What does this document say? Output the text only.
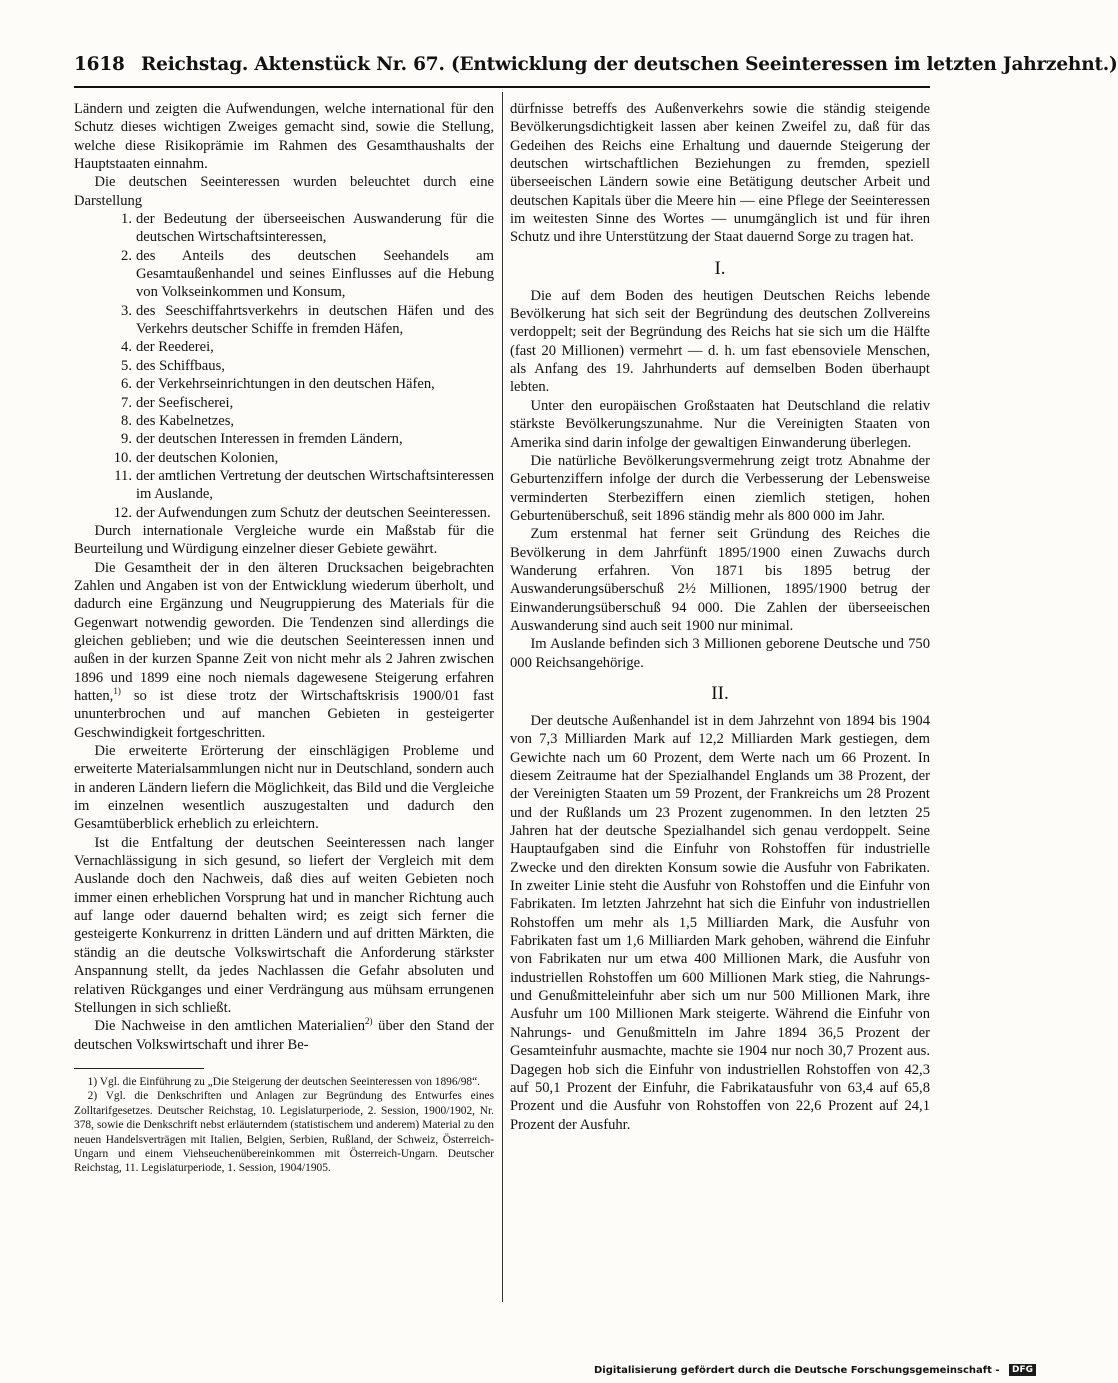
1618 Reichstag. Aktenstück Nr. 67. (Entwicklung der deutschen Seeinteressen im letzten Jahrzehnt.)

Ländern und zeigten die Aufwendungen, welche international für den Schutz dieses wichtigen Zweiges gemacht sind, sowie die Stellung, welche diese Risikoprämie im Rahmen des Gesamthaushalts der Hauptstaaten einnahm.

Die deutschen Seeinteressen wurden beleuchtet durch eine Darstellung

1. der Bedeutung der überseeischen Auswanderung für die deutschen Wirtschaftsinteressen,
2. des Anteils des deutschen Seehandels am Gesamtaußenhandel und seines Einflusses auf die Hebung von Volkseinkommen und Konsum,
3. des Seeschiffahrtsverkehrs in deutschen Häfen und des Verkehrs deutscher Schiffe in fremden Häfen,
4. der Reederei,
5. des Schiffbaus,
6. der Verkehrseinrichtungen in den deutschen Häfen,
7. der Seefischerei,
8. des Kabelnetzes,
9. der deutschen Interessen in fremden Ländern,
10. der deutschen Kolonien,
11. der amtlichen Vertretung der deutschen Wirtschaftsinteressen im Auslande,
12. der Aufwendungen zum Schutz der deutschen Seeinteressen.

Durch internationale Vergleiche wurde ein Maßstab für die Beurteilung und Würdigung einzelner dieser Gebiete gewährt.

Die Gesamtheit der in den älteren Drucksachen beigebrachten Zahlen und Angaben ist von der Entwicklung wiederum überholt, und dadurch eine Ergänzung und Neugruppierung des Materials für die Gegenwart notwendig geworden. Die Tendenzen sind allerdings die gleichen geblieben; und wie die deutschen Seeinteressen innen und außen in der kurzen Spanne Zeit von nicht mehr als 2 Jahren zwischen 1896 und 1899 eine noch niemals dagewesene Steigerung erfahren hatten,$^{1)}$ so ist diese trotz der Wirtschaftskrisis 1900/01 fast ununterbrochen und auf manchen Gebieten in gesteigerter Geschwindigkeit fortgeschritten.

Die erweiterte Erörterung der einschlägigen Probleme und erweiterte Materialsammlungen nicht nur in Deutschland, sondern auch in anderen Ländern liefern die Möglichkeit, das Bild und die Vergleiche im einzelnen wesentlich auszugestalten und dadurch den Gesamtüberblick erheblich zu erleichtern.

Ist die Entfaltung der deutschen Seeinteressen nach langer Vernachlässigung in sich gesund, so liefert der Vergleich mit dem Auslande doch den Nachweis, daß dies auf weiten Gebieten noch immer einen erheblichen Vorsprung hat und in mancher Richtung auch auf lange oder dauernd behalten wird; es zeigt sich ferner die gesteigerte Konkurrenz in dritten Ländern und auf dritten Märkten, die ständig an die deutsche Volkswirtschaft die Anforderung stärkster Anspannung stellt, da jedes Nachlassen die Gefahr absoluten und relativen Rückganges und einer Verdrängung aus mühsam errungenen Stellungen in sich schließt.

Die Nachweise in den amtlichen Materialien$^{2)}$ über den Stand der deutschen Volkswirtschaft und ihrer Be-

1) Vgl. die Einführung zu „Die Steigerung der deutschen Seeinteressen von 1896/98“.

2) Vgl. die Denkschriften und Anlagen zur Begründung des Entwurfes eines Zolltarifgesetzes. Deutscher Reichstag, 10. Legislaturperiode, 2. Session, 1900/1902, Nr. 378, sowie die Denkschrift nebst erläuterndem (statistischem und anderem) Material zu den neuen Handelsverträgen mit Italien, Belgien, Serbien, Rußland, der Schweiz, Österreich-Ungarn und einem Viehseuchenübereinkommen mit Österreich-Ungarn. Deutscher Reichstag, 11. Legislaturperiode, 1. Session, 1904/1905.

dürfnisse betreffs des Außenverkehrs sowie die ständig steigende Bevölkerungsdichtigkeit lassen aber keinen Zweifel zu, daß für das Gedeihen des Reichs eine Erhaltung und dauernde Steigerung der deutschen wirtschaftlichen Beziehungen zu fremden, speziell überseeischen Ländern sowie eine Betätigung deutscher Arbeit und deutschen Kapitals über die Meere hin — eine Pflege der Seeinteressen im weitesten Sinne des Wortes — unumgänglich ist und für ihren Schutz und ihre Unterstützung der Staat dauernd Sorge zu tragen hat.

I.

Die auf dem Boden des heutigen Deutschen Reichs lebende Bevölkerung hat sich seit der Begründung des deutschen Zollvereins verdoppelt; seit der Begründung des Reichs hat sie sich um die Hälfte (fast 20 Millionen) vermehrt — d. h. um fast ebensoviele Menschen, als Anfang des 19. Jahrhunderts auf demselben Boden überhaupt lebten.

Unter den europäischen Großstaaten hat Deutschland die relativ stärkste Bevölkerungszunahme. Nur die Vereinigten Staaten von Amerika sind darin infolge der gewaltigen Einwanderung überlegen.

Die natürliche Bevölkerungsvermehrung zeigt trotz Abnahme der Geburtenziffern infolge der durch die Verbesserung der Lebensweise verminderten Sterbeziffern einen ziemlich stetigen, hohen Geburtenüberschuß, seit 1896 ständig mehr als 800 000 im Jahr.

Zum erstenmal hat ferner seit Gründung des Reiches die Bevölkerung in dem Jahrfünft 1895/1900 einen Zuwachs durch Wanderung erfahren. Von 1871 bis 1895 betrug der Auswanderungsüberschuß 2½ Millionen, 1895/1900 betrug der Einwanderungsüberschuß 94 000. Die Zahlen der überseeischen Auswanderung sind auch seit 1900 nur minimal.

Im Auslande befinden sich 3 Millionen geborene Deutsche und 750 000 Reichsangehörige.

II.

Der deutsche Außenhandel ist in dem Jahrzehnt von 1894 bis 1904 von 7,3 Milliarden Mark auf 12,2 Milliarden Mark gestiegen, dem Gewichte nach um 60 Prozent, dem Werte nach um 66 Prozent. In diesem Zeitraume hat der Spezialhandel Englands um 38 Prozent, der der Vereinigten Staaten um 59 Prozent, der Frankreichs um 28 Prozent und der Rußlands um 23 Prozent zugenommen. In den letzten 25 Jahren hat der deutsche Spezialhandel sich genau verdoppelt. Seine Hauptaufgaben sind die Einfuhr von Rohstoffen für industrielle Zwecke und den direkten Konsum sowie die Ausfuhr von Fabrikaten. In zweiter Linie steht die Ausfuhr von Rohstoffen und die Einfuhr von Fabrikaten. Im letzten Jahrzehnt hat sich die Einfuhr von industriellen Rohstoffen um mehr als 1,5 Milliarden Mark, die Ausfuhr von Fabrikaten fast um 1,6 Milliarden Mark gehoben, während die Einfuhr von Fabrikaten nur um etwa 400 Millionen Mark, die Ausfuhr von industriellen Rohstoffen um 600 Millionen Mark stieg, die Nahrungs- und Genußmitteleinfuhr aber sich um nur 500 Millionen Mark, ihre Ausfuhr um 100 Millionen Mark steigerte. Während die Einfuhr von Nahrungs- und Genußmitteln im Jahre 1894 36,5 Prozent der Gesamteinfuhr ausmachte, machte sie 1904 nur noch 30,7 Prozent aus. Dagegen hob sich die Einfuhr von industriellen Rohstoffen von 42,3 auf 50,1 Prozent der Einfuhr, die Fabrikatausfuhr von 63,4 auf 65,8 Prozent und die Ausfuhr von Rohstoffen von 22,6 Prozent auf 24,1 Prozent der Ausfuhr.

Digitalisierung gefördert durch die Deutsche Forschungsgemeinschaft - DFG
